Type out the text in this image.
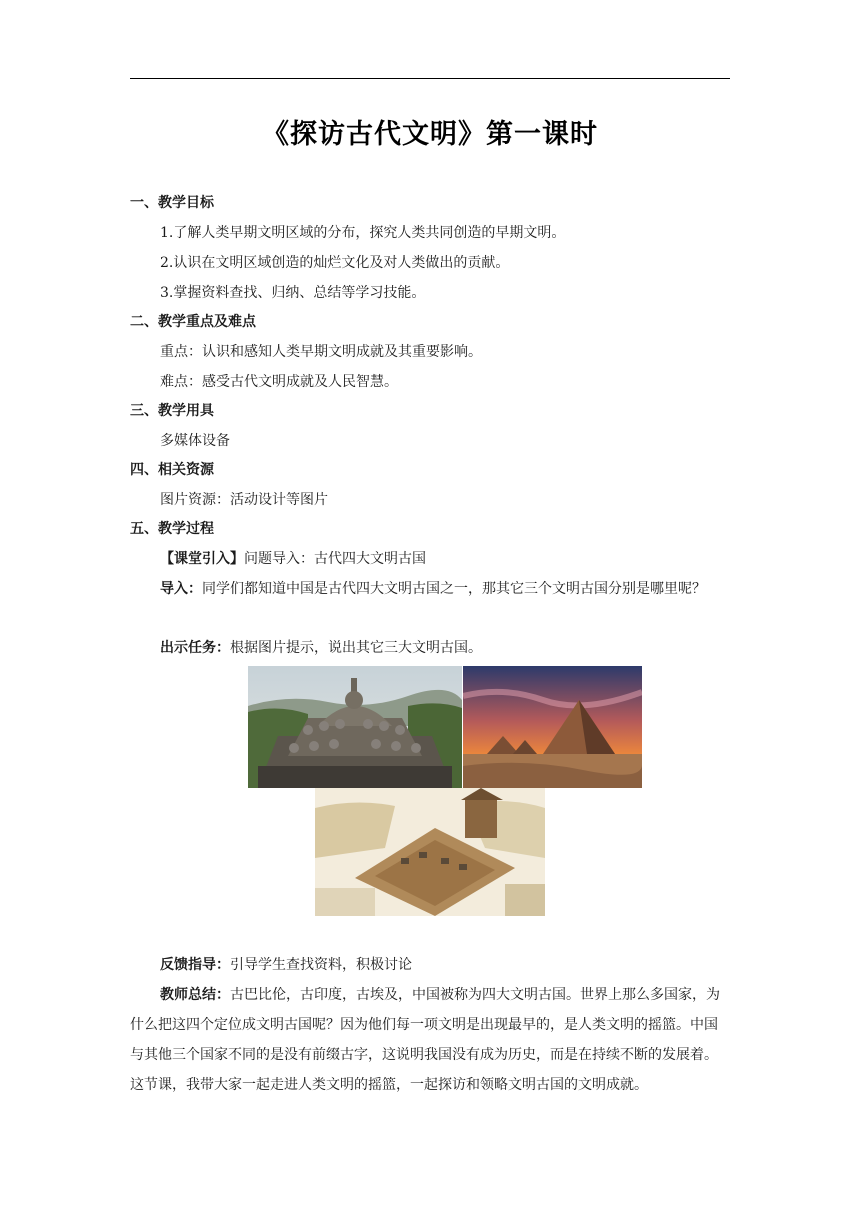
《探访古代文明》第一课时
一、教学目标
1.了解人类早期文明区域的分布，探究人类共同创造的早期文明。
2.认识在文明区域创造的灿烂文化及对人类做出的贡献。
3.掌握资料查找、归纳、总结等学习技能。
二、教学重点及难点
重点：认识和感知人类早期文明成就及其重要影响。
难点：感受古代文明成就及人民智慧。
三、教学用具
多媒体设备
四、相关资源
图片资源：活动设计等图片
五、教学过程
【课堂引入】问题导入：古代四大文明古国
导入：同学们都知道中国是古代四大文明古国之一，那其它三个文明古国分别是哪里呢？
出示任务：根据图片提示，说出其它三大文明古国。
反馈指导：引导学生查找资料，积极讨论
教师总结：古巴比伦，古印度，古埃及，中国被称为四大文明古国。世界上那么多国家，为什么把这四个定位成文明古国呢？因为他们每一项文明是出现最早的，是人类文明的摇篮。中国与其他三个国家不同的是没有前缀古字，这说明我国没有成为历史，而是在持续不断的发展着。这节课，我带大家一起走进人类文明的摇篮，一起探访和领略文明古国的文明成就。
